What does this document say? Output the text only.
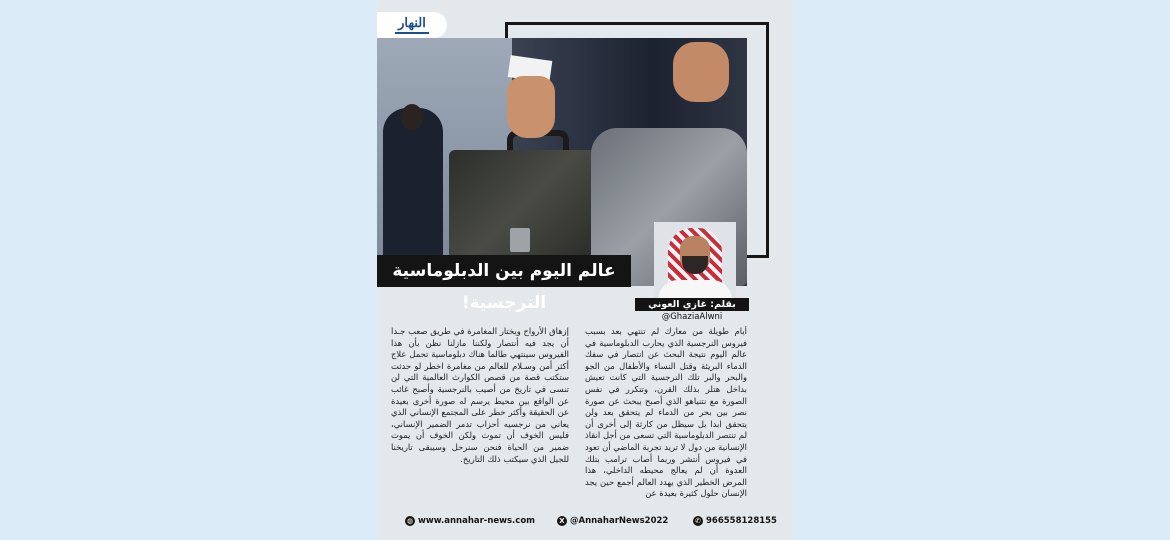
النهار
عالم اليوم بين الدبلوماسية النرجسية!	بقلم: غازي العوني
@GhaziaAlwni
أيام طويلة من معارك لم تنتهي بعد بسبب فيروس النرجسية الذي يحارب الدبلوماسية في عالم اليوم نتيجة البحث عن انتصار في سفك الدماء البريئة وقتل النساء والأطفال من الجو والبحر والبر تلك النرجسية التي كانت تعيش بداخل هتلر بذلك القرن، وتتكرر في نفس الصورة مع نتنياهو الذي أصبح يبحث عن صورة نصر بين بحر من الدماء لم يتحقق بعد ولن يتحقق ابدا بل سيظل من كارثة إلى أخرى أن لم تنتصر الدبلوماسية التي تسعى من أجل انقاذ الإنسانية من دول لا تريد تجربة الماضي أن تعود في فيروس أنتشر وربما أصاب ترامب بتلك العدوة أن لم يعالج محيطه الداخلي، هذا المرض الخطير الذي يهدد العالم أجمع حين يجد الإنسان حلول كثيرة بعيدة عن
إزهاق الأرواح ويختار المغامرة في طريق صعب جـدا أن يجد فيه أنتصار ولكننا مازلنا نظن بأن هذا الفيروس سينتهي طالما هناك دبلوماسية تحمل علاج أكثر أمن وسـلام للعالم من مغامرة اخطر لو حدثت ستكتب قصة من قصص الكوارث العالمية التي لن تنسى في تاريخ من أصيب بالنرجسية وأصبح غائب عن الواقع بين محيط يرسم له صورة أخرى بعيدة عن الحقيقة وأكثر خطر على المجتمع الإنساني الذي يعاني من نرجسيه أحزاب تدمر الضمير الإنساني، فليس الخوف أن تموت ولكن الخوف أن يموت ضمير من الحياة فنحن سنرحل وسيبقى تاريخنا للجيل الذي سيكتب ذلك التاريخ.
◍ www.annahar-news.com	X @AnnaharNews2022	✆ 966558128155
